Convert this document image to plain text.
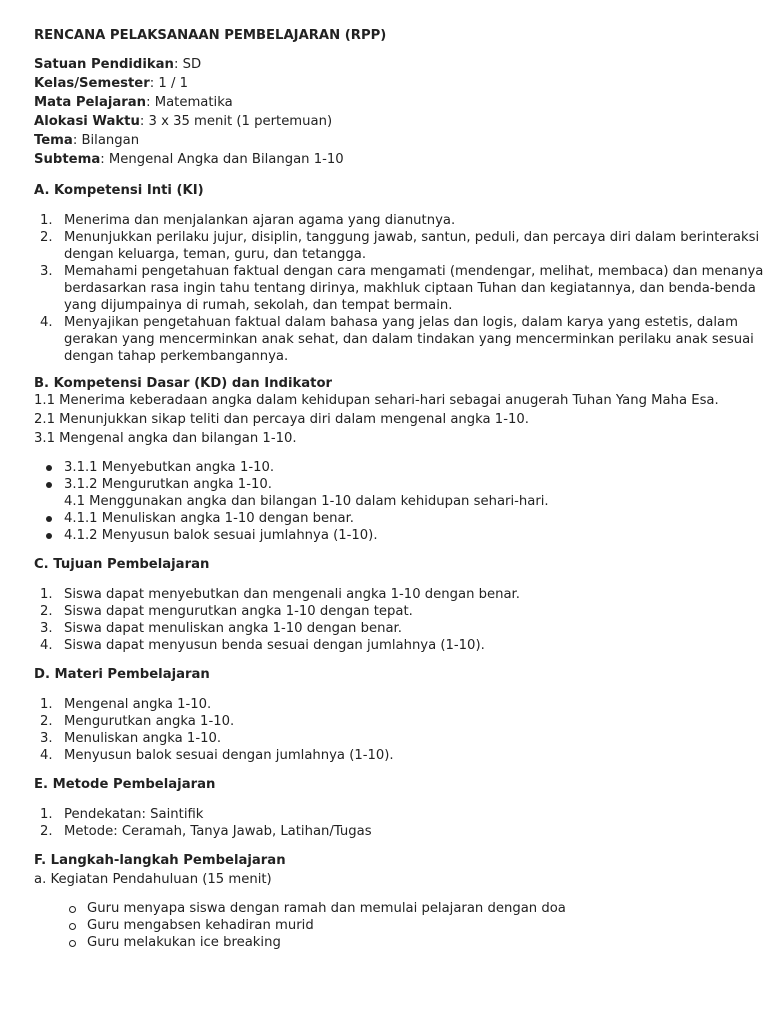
RENCANA PELAKSANAAN PEMBELAJARAN (RPP)

Satuan Pendidikan: SD
Kelas/Semester: 1 / 1
Mata Pelajaran: Matematika
Alokasi Waktu: 3 x 35 menit (1 pertemuan)
Tema: Bilangan
Subtema: Mengenal Angka dan Bilangan 1-10
A. Kompetensi Inti (KI)
1. Menerima dan menjalankan ajaran agama yang dianutnya.
2. Menunjukkan perilaku jujur, disiplin, tanggung jawab, santun, peduli, dan percaya diri dalam berinteraksi dengan keluarga, teman, guru, dan tetangga.
3. Memahami pengetahuan faktual dengan cara mengamati (mendengar, melihat, membaca) dan menanya berdasarkan rasa ingin tahu tentang dirinya, makhluk ciptaan Tuhan dan kegiatannya, dan benda-benda yang dijumpainya di rumah, sekolah, dan tempat bermain.
4. Menyajikan pengetahuan faktual dalam bahasa yang jelas dan logis, dalam karya yang estetis, dalam gerakan yang mencerminkan anak sehat, dan dalam tindakan yang mencerminkan perilaku anak sesuai dengan tahap perkembangannya.
B. Kompetensi Dasar (KD) dan Indikator
1.1 Menerima keberadaan angka dalam kehidupan sehari-hari sebagai anugerah Tuhan Yang Maha Esa.
2.1 Menunjukkan sikap teliti dan percaya diri dalam mengenal angka 1-10.
3.1 Mengenal angka dan bilangan 1-10.
3.1.1 Menyebutkan angka 1-10.
3.1.2 Mengurutkan angka 1-10.
4.1 Menggunakan angka dan bilangan 1-10 dalam kehidupan sehari-hari.
4.1.1 Menuliskan angka 1-10 dengan benar.
4.1.2 Menyusun balok sesuai jumlahnya (1-10).
C. Tujuan Pembelajaran
1. Siswa dapat menyebutkan dan mengenali angka 1-10 dengan benar.
2. Siswa dapat mengurutkan angka 1-10 dengan tepat.
3. Siswa dapat menuliskan angka 1-10 dengan benar.
4. Siswa dapat menyusun benda sesuai dengan jumlahnya (1-10).
D. Materi Pembelajaran
1. Mengenal angka 1-10.
2. Mengurutkan angka 1-10.
3. Menuliskan angka 1-10.
4. Menyusun balok sesuai dengan jumlahnya (1-10).
E. Metode Pembelajaran
1. Pendekatan: Saintifik
2. Metode: Ceramah, Tanya Jawab, Latihan/Tugas
F. Langkah-langkah Pembelajaran
a. Kegiatan Pendahuluan (15 menit)
Guru menyapa siswa dengan ramah dan memulai pelajaran dengan doa
Guru mengabsen kehadiran murid
Guru melakukan ice breaking
